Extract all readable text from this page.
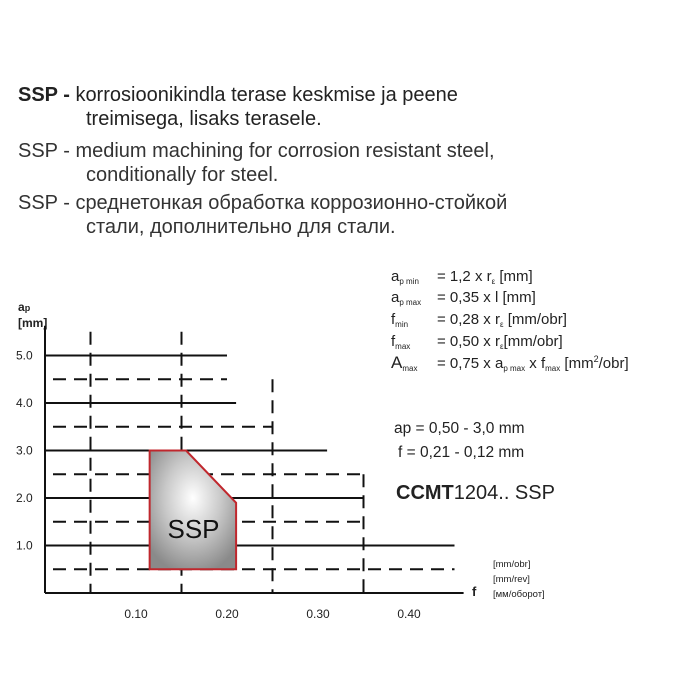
SSP - korrosioonikindla terase keskmise ja peene
treimisega, lisaks terasele.
SSP - medium machining for corrosion resistant steel,
conditionally for steel.
SSP - среднетонкая обработка коррозионно-стойкой
стали, дополнительно для стали.
$a_{p min} = 1,2$ x $r_\varepsilon$ [mm]
$a_{p max} = 0,35$ x l [mm]
$f_{min} = 0,28$ x $r_\varepsilon$ [mm/obr]
$f_{max} = 0,50$ x $r_\varepsilon[mm/obr]$
$A_{max} = 0,75$ x $a_{p max}$ x $f_{max}$ $[mm^2/obr]$
ap = 0,50 - 3,0 mm
f = 0,21 - 0,12 mm
CCMT1204.. SSP
ap
[mm]
[mm/obr]
[mm/rev]
[мм/оборот]
1.0
2.0
3.0
4.0
5.0
0.10	0.20	0.30	0.40
f
SSP
